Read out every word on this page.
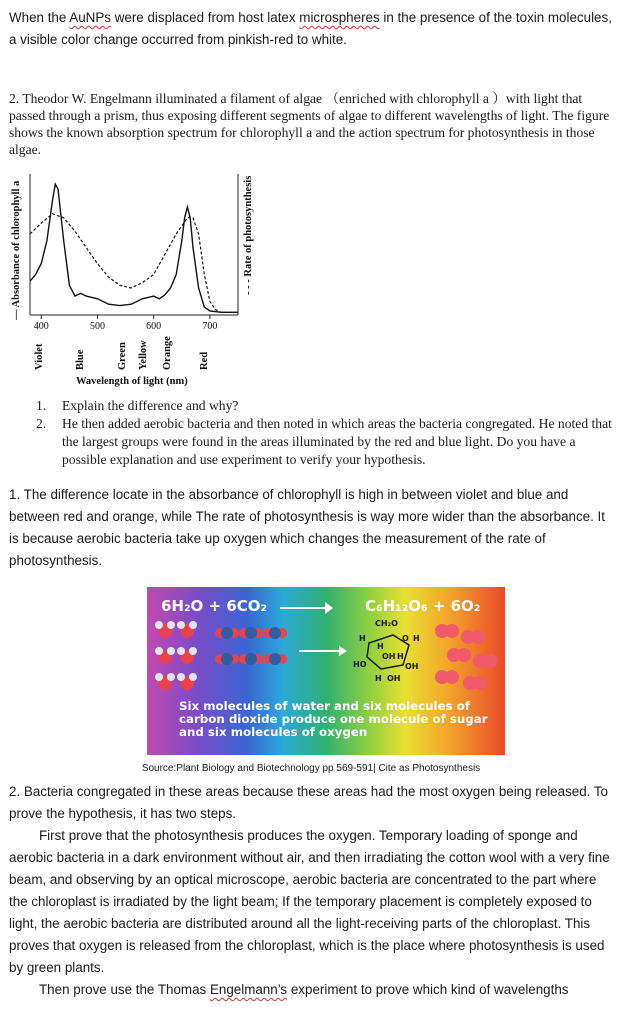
When the AuNPs were displaced from host latex microspheres in the presence of the toxin molecules, a visible color change occurred from pinkish-red to white.

2. Theodor W. Engelmann illuminated a filament of algae （enriched with chlorophyll a ）with light that passed through a prism, thus exposing different segments of algae to different wavelengths of light. The figure shows the known absorption spectrum for chlorophyll a and the action spectrum for photosynthesis in those algae.

400	500	600	700
Violet	Blue	Green Yellow Orange Red
— Absorbance of chlorophyll a	- - - Rate of photosynthesis
Wavelength of light (nm)
1. Explain the difference and why?
2. He then added aerobic bacteria and then noted in which areas the bacteria congregated. He noted that the largest groups were found in the areas illuminated by the red and blue light. Do you have a possible explanation and use experiment to verify your hypothesis.

1. The difference locate in the absorbance of chlorophyll is high in between violet and blue and between red and orange, while The rate of photosynthesis is way more wider than the absorbance. It is because aerobic bacteria take up oxygen which changes the measurement of the rate of photosynthesis.

6H₂O + 6CO₂	C₆H₁₂O₆ + 6O₂
CH₂O
H	O H
H
OH H
HO	OH
H OH
Six molecules of water and six molecules of carbon dioxide produce one molecule of sugar and six molecules of oxygen
Source:Plant Biology and Biotechnology pp 569-591| Cite as Photosynthesis

2. Bacteria congregated in these areas because these areas had the most oxygen being released. To prove the hypothesis, it has two steps.

First prove that the photosynthesis produces the oxygen. Temporary loading of sponge and aerobic bacteria in a dark environment without air, and then irradiating the cotton wool with a very fine beam, and observing by an optical microscope, aerobic bacteria are concentrated to the part where the chloroplast is irradiated by the light beam; If the temporary placement is completely exposed to light, the aerobic bacteria are distributed around all the light-receiving parts of the chloroplast. This proves that oxygen is released from the chloroplast, which is the place where photosynthesis is used by green plants.

Then prove use the Thomas Engelmann’s experiment to prove which kind of wavelengths
